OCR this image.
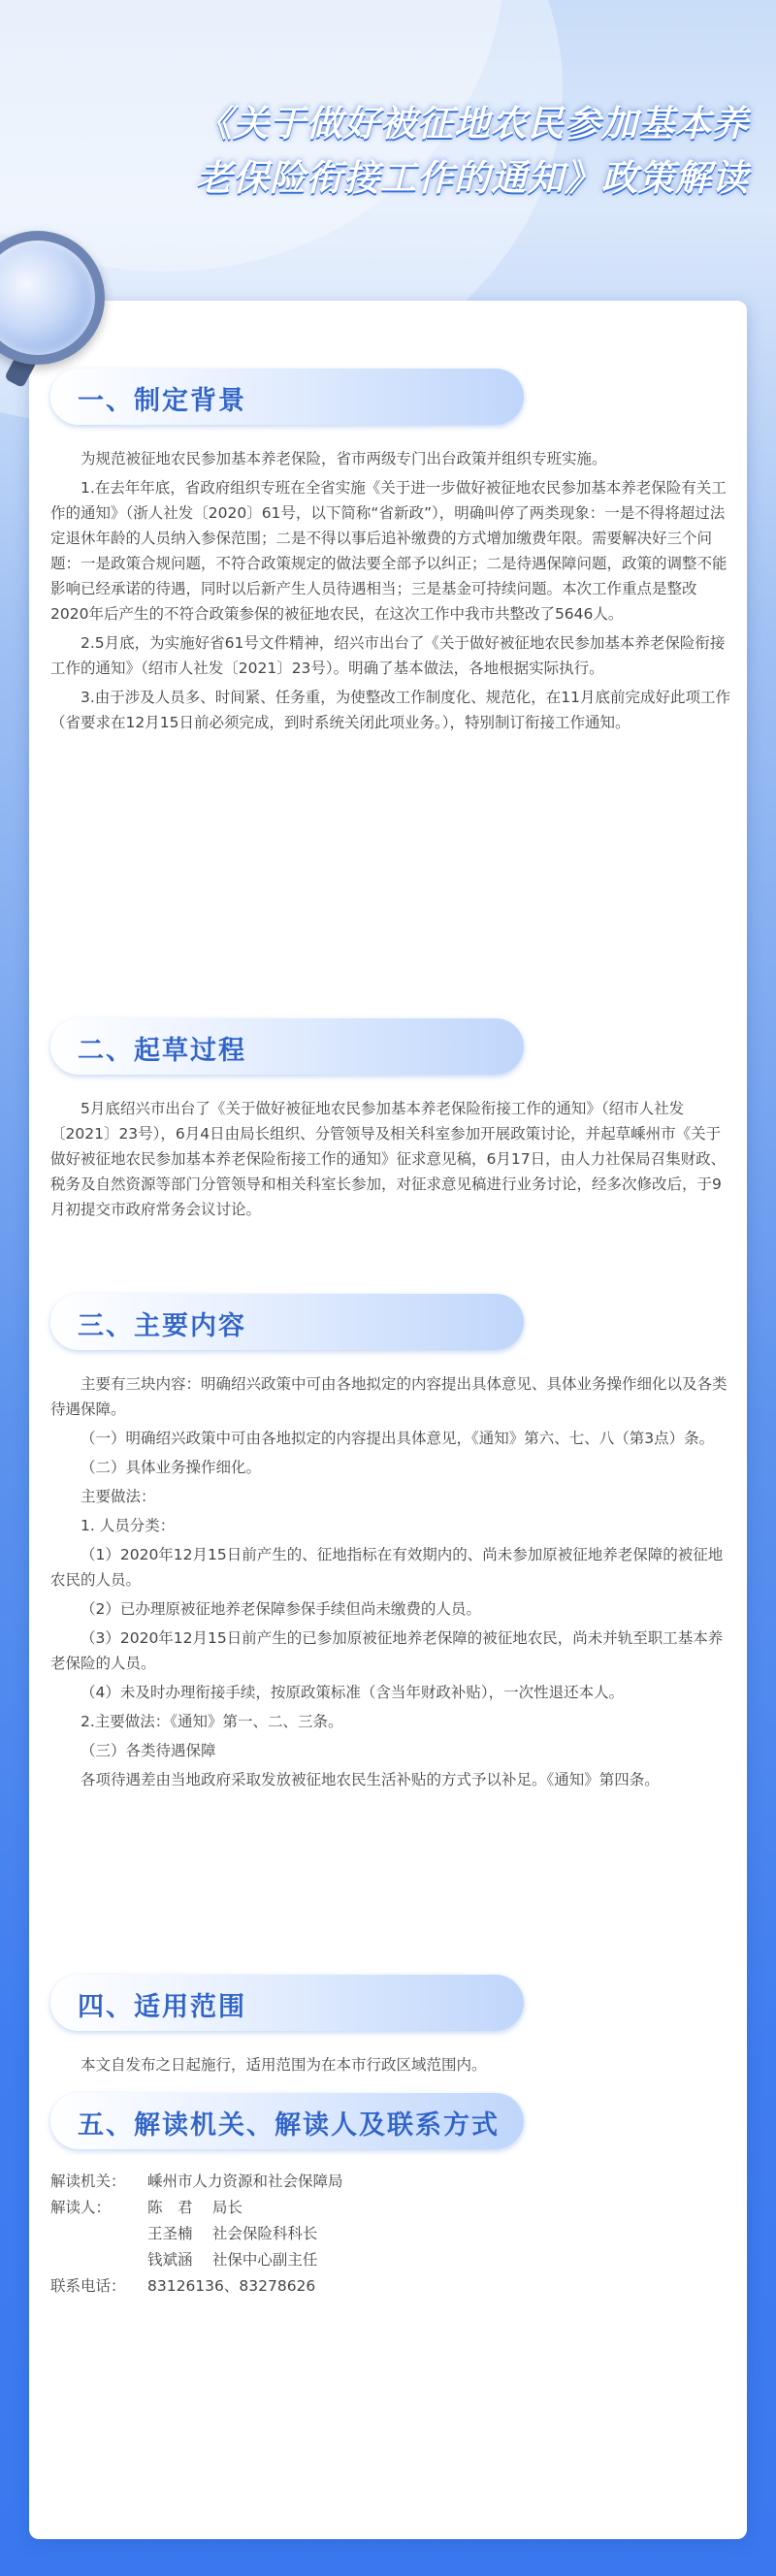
《关于做好被征地农民参加基本养
老保险衔接工作的通知》政策解读
一、制定背景

为规范被征地农民参加基本养老保险，省市两级专门出台政策并组织专班实施。

1.在去年年底，省政府组织专班在全省实施《关于进一步做好被征地农民参加基本养老保险有关工作的通知》（浙人社发〔2020〕61号，以下简称“省新政”），明确叫停了两类现象：一是不得将超过法定退休年龄的人员纳入参保范围；二是不得以事后追补缴费的方式增加缴费年限。需要解决好三个问题：一是政策合规问题，不符合政策规定的做法要全部予以纠正；二是待遇保障问题，政策的调整不能影响已经承诺的待遇，同时以后新产生人员待遇相当；三是基金可持续问题。本次工作重点是整改2020年后产生的不符合政策参保的被征地农民，在这次工作中我市共整改了5646人。

2.5月底，为实施好省61号文件精神，绍兴市出台了《关于做好被征地农民参加基本养老保险衔接工作的通知》（绍市人社发〔2021〕23号）。明确了基本做法，各地根据实际执行。

3.由于涉及人员多、时间紧、任务重，为使整改工作制度化、规范化，在11月底前完成好此项工作（省要求在12月15日前必须完成，到时系统关闭此项业务。），特别制订衔接工作通知。

二、起草过程

5月底绍兴市出台了《关于做好被征地农民参加基本养老保险衔接工作的通知》（绍市人社发〔2021〕23号），6月4日由局长组织、分管领导及相关科室参加开展政策讨论，并起草嵊州市《关于做好被征地农民参加基本养老保险衔接工作的通知》征求意见稿，6月17日，由人力社保局召集财政、税务及自然资源等部门分管领导和相关科室长参加，对征求意见稿进行业务讨论，经多次修改后，于9月初提交市政府常务会议讨论。

三、主要内容

主要有三块内容：明确绍兴政策中可由各地拟定的内容提出具体意见、具体业务操作细化以及各类待遇保障。

（一）明确绍兴政策中可由各地拟定的内容提出具体意见，《通知》第六、七、八（第3点）条。

（二）具体业务操作细化。

主要做法：

1. 人员分类：

（1）2020年12月15日前产生的、征地指标在有效期内的、尚未参加原被征地养老保障的被征地农民的人员。

（2）已办理原被征地养老保障参保手续但尚未缴费的人员。

（3）2020年12月15日前产生的已参加原被征地养老保障的被征地农民，尚未并轨至职工基本养老保险的人员。

（4）未及时办理衔接手续，按原政策标准（含当年财政补贴），一次性退还本人。

2.主要做法：《通知》第一、二、三条。

（三）各类待遇保障

各项待遇差由当地政府采取发放被征地农民生活补贴的方式予以补足。《通知》第四条。

四、适用范围

本文自发布之日起施行，适用范围为在本市行政区域范围内。

五、解读机关、解读人及联系方式
解读机关：	嵊州市人力资源和社会保障局
解读人：	陈　君　 局长
王圣楠　 社会保险科科长
钱斌涵　 社保中心副主任
联系电话：	83126136、83278626
